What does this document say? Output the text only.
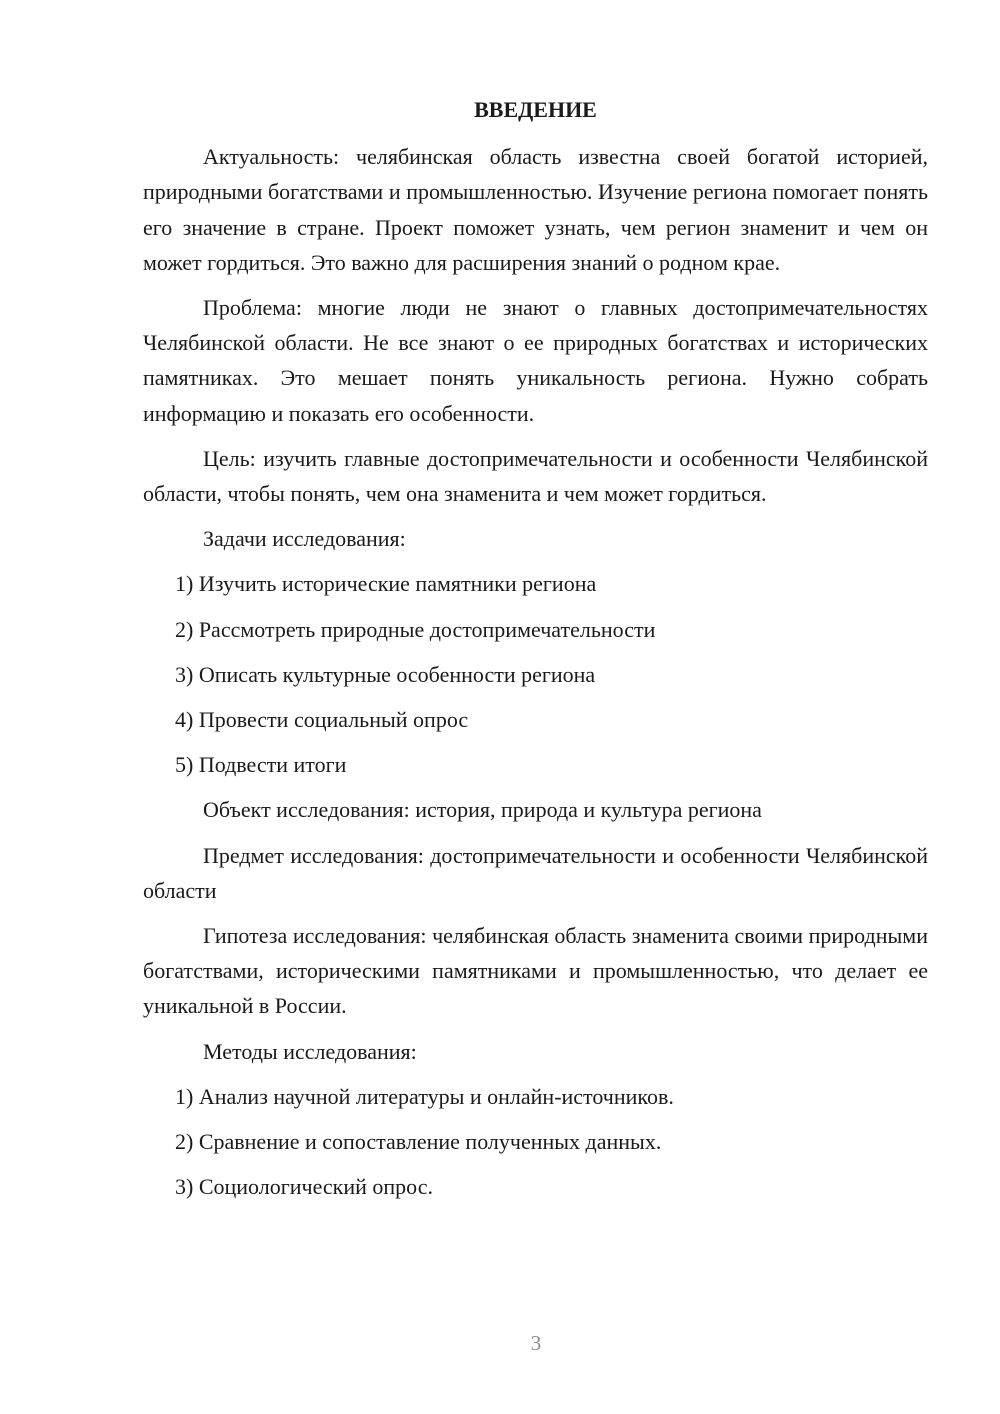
ВВЕДЕНИЕ

Актуальность: челябинская область известна своей богатой историей, природными богатствами и промышленностью. Изучение региона помогает понять его значение в стране. Проект поможет узнать, чем регион знаменит и чем он может гордиться. Это важно для расширения знаний о родном крае.

Проблема: многие люди не знают о главных достопримечательностях Челябинской области. Не все знают о ее природных богатствах и исторических памятниках. Это мешает понять уникальность региона. Нужно собрать информацию и показать его особенности.

Цель: изучить главные достопримечательности и особенности Челябинской области, чтобы понять, чем она знаменита и чем может гордиться.

Задачи исследования:
1) Изучить исторические памятники региона
2) Рассмотреть природные достопримечательности
3) Описать культурные особенности региона
4) Провести социальный опрос
5) Подвести итоги
Объект исследования: история, природа и культура региона

Предмет исследования: достопримечательности и особенности Челябинской области

Гипотеза исследования: челябинская область знаменита своими природными богатствами, историческими памятниками и промышленностью, что делает ее уникальной в России.

Методы исследования:
1) Анализ научной литературы и онлайн-источников.
2) Сравнение и сопоставление полученных данных.
3) Социологический опрос.
3
